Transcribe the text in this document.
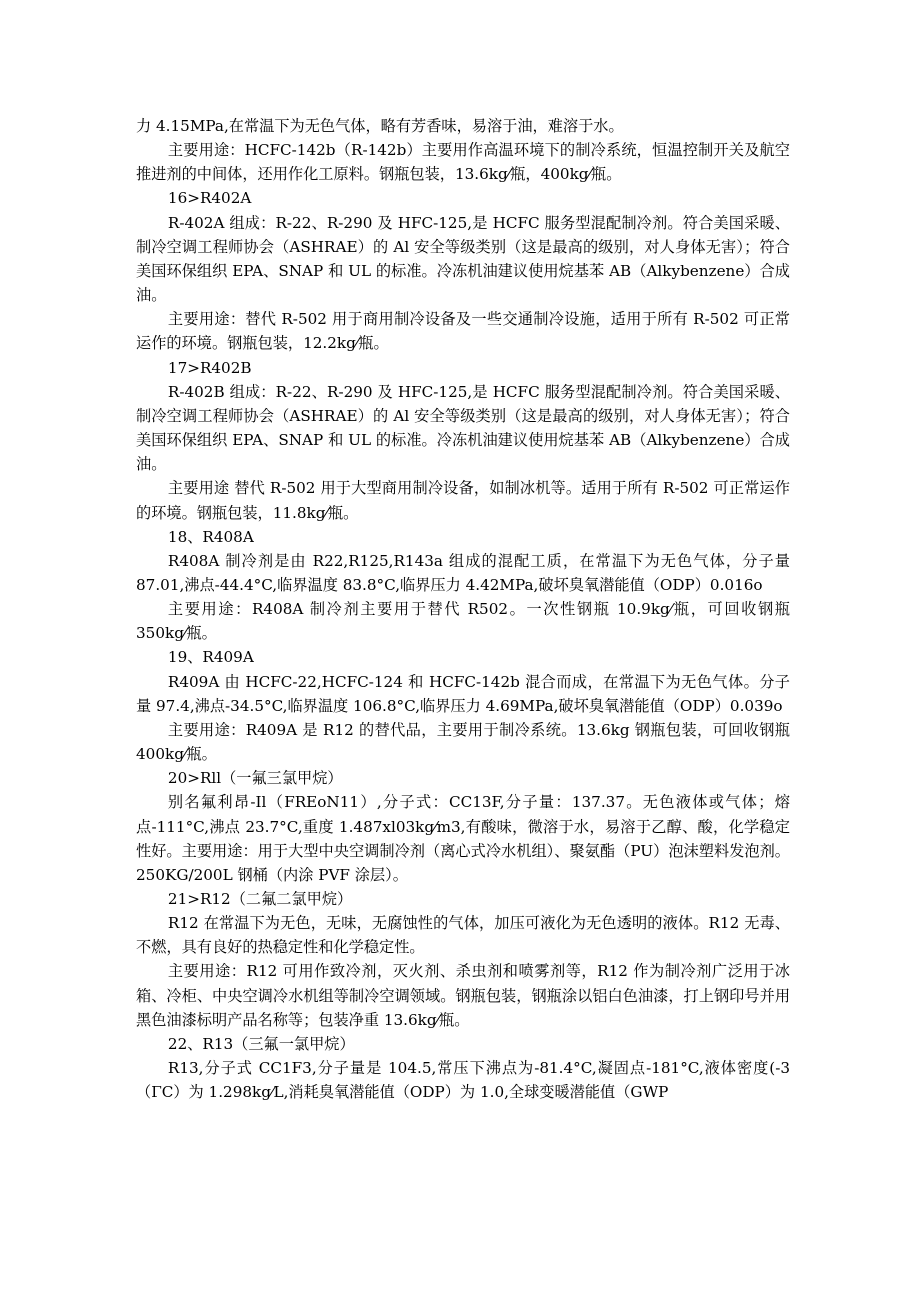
力 4.15MPa,在常温下为无色气体，略有芳香味，易溶于油，难溶于水。

主要用途：HCFC-142b（R-142b）主要用作高温环境下的制冷系统，恒温控制开关及航空推进剂的中间体，还用作化工原料。钢瓶包装，13.6kg⁄瓶，400kg⁄瓶。

16>R402A

R-402A 组成：R-22、R-290 及 HFC-125,是 HCFC 服务型混配制冷剂。符合美国采暖、制冷空调工程师协会（ASHRAE）的 Al 安全等级类别（这是最高的级别，对人身体无害）；符合美国环保组织 EPA、SNAP 和 UL 的标准。冷冻机油建议使用烷基苯 AB（Alkybenzene）合成油。

主要用途：替代 R-502 用于商用制冷设备及一些交通制冷设施，适用于所有 R-502 可正常运作的环境。钢瓶包装，12.2kg⁄瓶。

17>R402B

R-402B 组成：R-22、R-290 及 HFC-125,是 HCFC 服务型混配制冷剂。符合美国采暖、制冷空调工程师协会（ASHRAE）的 Al 安全等级类别（这是最高的级别，对人身体无害）；符合美国环保组织 EPA、SNAP 和 UL 的标准。冷冻机油建议使用烷基苯 AB（Alkybenzene）合成油。

主要用途 替代 R-502 用于大型商用制冷设备，如制冰机等。适用于所有 R-502 可正常运作的环境。钢瓶包装，11.8kg⁄瓶。

18、R408A

R408A 制冷剂是由 R22,R125,R143a 组成的混配工质，在常温下为无色气体，分子量 87.01,沸点-44.4°C,临界温度 83.8°C,临界压力 4.42MPa,破坏臭氧潜能值（ODP）0.016o

主要用途：R408A 制冷剂主要用于替代 R502。一次性钢瓶 10.9kg⁄瓶，可回收钢瓶 350kg⁄瓶。

19、R409A

R409A 由 HCFC-22,HCFC-124 和 HCFC-142b 混合而成，在常温下为无色气体。分子量 97.4,沸点-34.5°C,临界温度 106.8°C,临界压力 4.69MPa,破坏臭氧潜能值（ODP）0.039o

主要用途：R409A 是 R12 的替代品，主要用于制冷系统。13.6kg 钢瓶包装，可回收钢瓶 400kg⁄瓶。

20>Rll（一氟三氯甲烷）

别名氟利昂-Il（FREoN11）,分子式：CC13F,分子量：137.37。无色液体或气体；熔点-111°C,沸点 23.7°C,重度 1.487xl03kg⁄m3,有酸味，微溶于水，易溶于乙醇、酸，化学稳定性好。主要用途：用于大型中央空调制冷剂（离心式冷水机组）、聚氨酯（PU）泡沫塑料发泡剂。250KG/200L 钢桶（内涂 PVF 涂层）。

21>R12（二氟二氯甲烷）

R12 在常温下为无色，无味，无腐蚀性的气体，加压可液化为无色透明的液体。R12 无毒、不燃，具有良好的热稳定性和化学稳定性。

主要用途：R12 可用作致冷剂，灭火剂、杀虫剂和喷雾剂等，R12 作为制冷剂广泛用于冰箱、冷柜、中央空调冷水机组等制冷空调领域。钢瓶包装，钢瓶涂以铝白色油漆，打上钢印号并用黑色油漆标明产品名称等；包装净重 13.6kg⁄瓶。

22、R13（三氟一氯甲烷）

R13,分子式 CC1F3,分子量是 104.5,常压下沸点为-81.4°C,凝固点-181°C,液体密度(-3（ΓC）为 1.298kg⁄L,消耗臭氧潜能值（ODP）为 1.0,全球变暖潜能值（GWP
